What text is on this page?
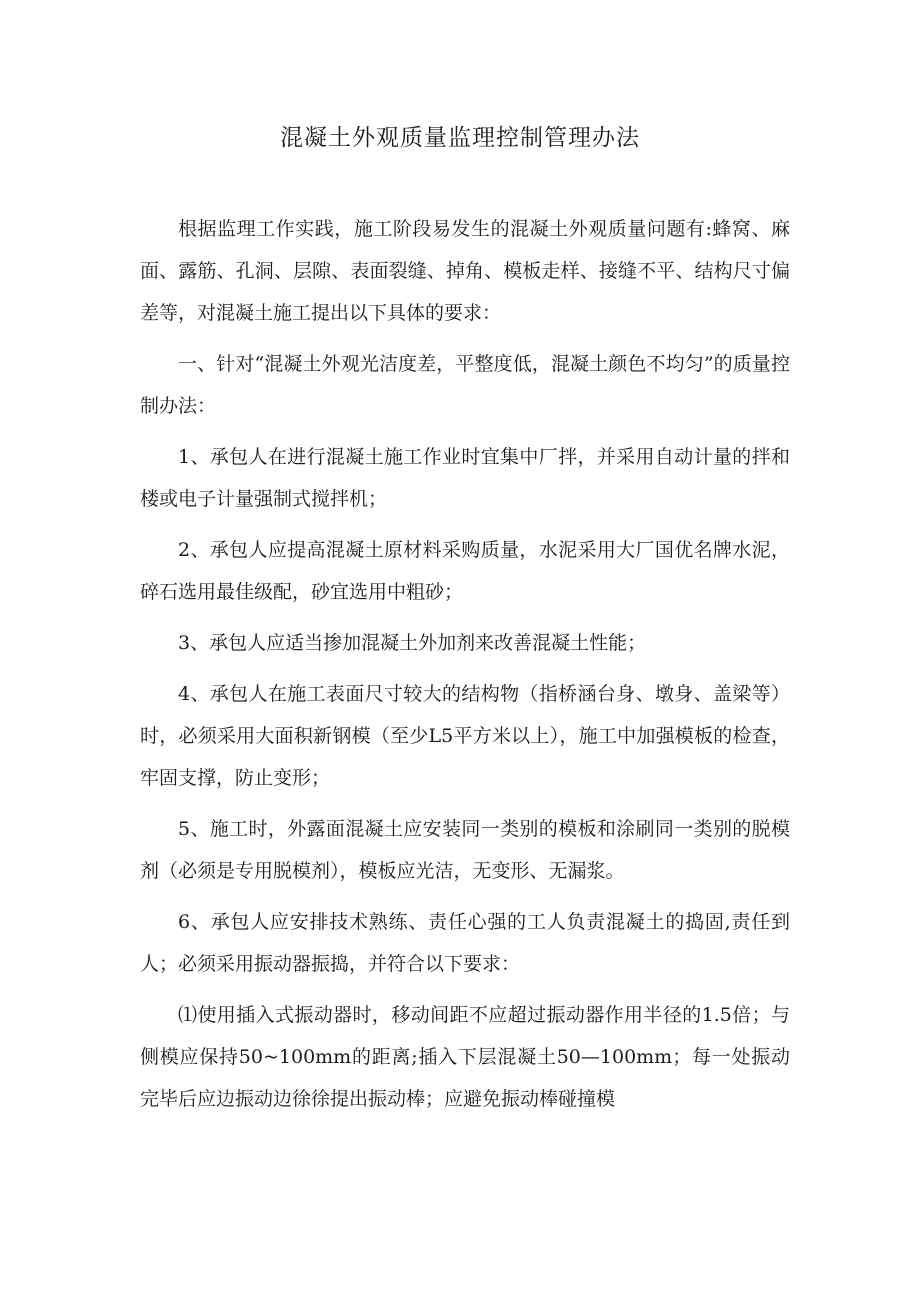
混凝土外观质量监理控制管理办法

根据监理工作实践，施工阶段易发生的混凝土外观质量问题有:蜂窝、麻面、露筋、孔洞、层隙、表面裂缝、掉角、模板走样、接缝不平、结构尺寸偏差等，对混凝土施工提出以下具体的要求：

一、针对“混凝土外观光洁度差，平整度低，混凝土颜色不均匀”的质量控制办法：

1、承包人在进行混凝土施工作业时宜集中厂拌，并采用自动计量的拌和楼或电子计量强制式搅拌机；

2、承包人应提高混凝土原材料采购质量，水泥采用大厂国优名牌水泥，碎石选用最佳级配，砂宜选用中粗砂；

3、承包人应适当掺加混凝土外加剂来改善混凝土性能；

4、承包人在施工表面尺寸较大的结构物（指桥涵台身、墩身、盖梁等）时，必须采用大面积新钢模（至少L5平方米以上），施工中加强模板的检查，牢固支撑，防止变形；

5、施工时，外露面混凝土应安装同一类别的模板和涂刷同一类别的脱模剂（必须是专用脱模剂），模板应光洁，无变形、无漏浆。

6、承包人应安排技术熟练、责任心强的工人负责混凝土的捣固,责任到人；必须采用振动器振捣，并符合以下要求：

⑴使用插入式振动器时，移动间距不应超过振动器作用半径的1.5倍；与侧模应保持50~100mm的距离;插入下层混凝土50—100mm；每一处振动完毕后应边振动边徐徐提出振动棒；应避免振动棒碰撞模
